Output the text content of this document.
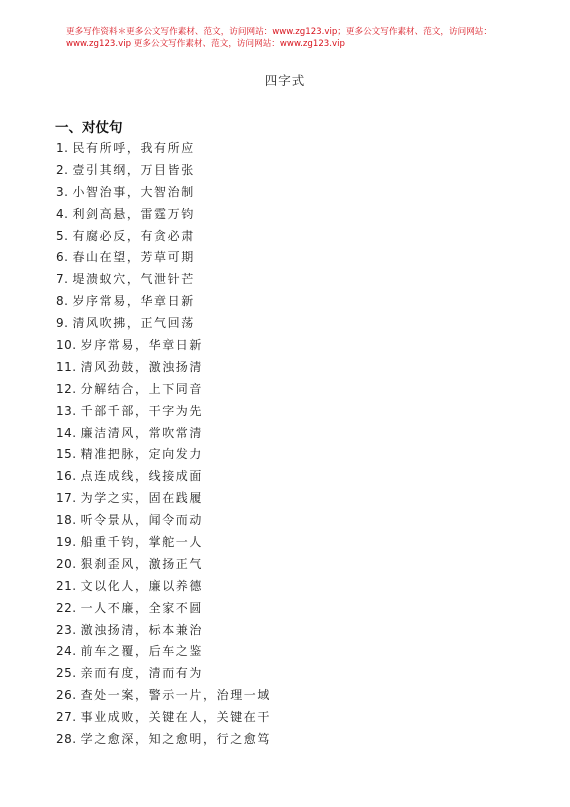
更多写作资料＊更多公文写作素材、范文，访问网站：www.zg123.vip；更多公文写作素材、范文，访问网站：
www.zg123.vip 更多公文写作素材、范文，访问网站：www.zg123.vip
四字式
一、对仗句
1. 民有所呼，我有所应
2. 壹引其纲，万目皆张
3. 小智治事，大智治制
4. 利剑高悬，雷霆万钧
5. 有腐必反，有贪必肃
6. 春山在望，芳草可期
7. 堤溃蚁穴，气泄针芒
8. 岁序常易，华章日新
9. 清风吹拂，正气回荡
10. 岁序常易，华章日新
11. 清风劲鼓，激浊扬清
12. 分解结合，上下同音
13. 千部千部，干字为先
14. 廉洁清风，常吹常清
15. 精准把脉，定向发力
16. 点连成线，线接成面
17. 为学之实，固在践履
18. 听令景从，闻令而动
19. 船重千钧，掌舵一人
20. 狠刹歪风，激扬正气
21. 文以化人，廉以养德
22. 一人不廉，全家不圆
23. 激浊扬清，标本兼治
24. 前车之覆，后车之鉴
25. 亲而有度，清而有为
26. 查处一案，警示一片，治理一域
27. 事业成败，关键在人，关键在干
28. 学之愈深，知之愈明，行之愈笃
